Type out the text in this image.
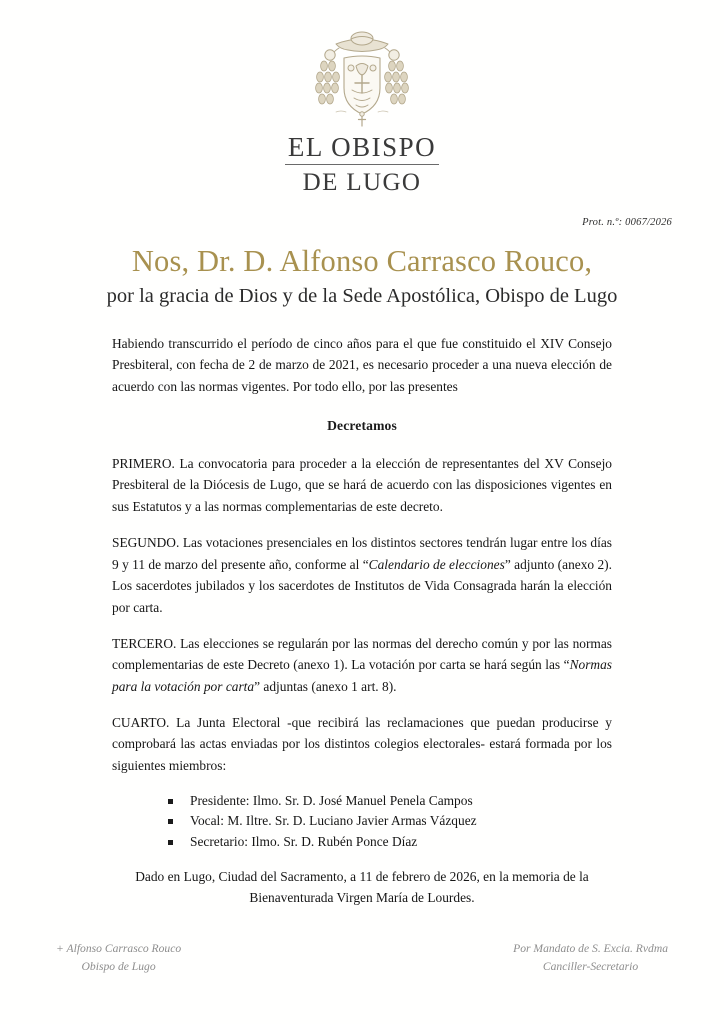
EL OBISPO
DE LUGO
Prot. n.º: 0067/2026
Nos, Dr. D. Alfonso Carrasco Rouco,
por la gracia de Dios y de la Sede Apostólica, Obispo de Lugo

Habiendo transcurrido el período de cinco años para el que fue constituido el XIV Consejo Presbiteral, con fecha de 2 de marzo de 2021, es necesario proceder a una nueva elección de acuerdo con las normas vigentes. Por todo ello, por las presentes

Decretamos

PRIMERO. La convocatoria para proceder a la elección de representantes del XV Consejo Presbiteral de la Diócesis de Lugo, que se hará de acuerdo con las disposiciones vigentes en sus Estatutos y a las normas complementarias de este decreto.

SEGUNDO. Las votaciones presenciales en los distintos sectores tendrán lugar entre los días 9 y 11 de marzo del presente año, conforme al “Calendario de elecciones” adjunto (anexo 2). Los sacerdotes jubilados y los sacerdotes de Institutos de Vida Consagrada harán la elección por carta.

TERCERO. Las elecciones se regularán por las normas del derecho común y por las normas complementarias de este Decreto (anexo 1). La votación por carta se hará según las “Normas para la votación por carta” adjuntas (anexo 1 art. 8).

CUARTO. La Junta Electoral -que recibirá las reclamaciones que puedan producirse y comprobará las actas enviadas por los distintos colegios electorales- estará formada por los siguientes miembros:

Presidente: Ilmo. Sr. D. José Manuel Penela Campos
Vocal: M. Iltre. Sr. D. Luciano Javier Armas Vázquez
Secretario: Ilmo. Sr. D. Rubén Ponce Díaz

Dado en Lugo, Ciudad del Sacramento, a 11 de febrero de 2026, en la memoria de la Bienaventurada Virgen María de Lourdes.

+ Alfonso Carrasco Rouco
Obispo de Lugo
Por Mandato de S. Excia. Rvdma
Canciller-Secretario
